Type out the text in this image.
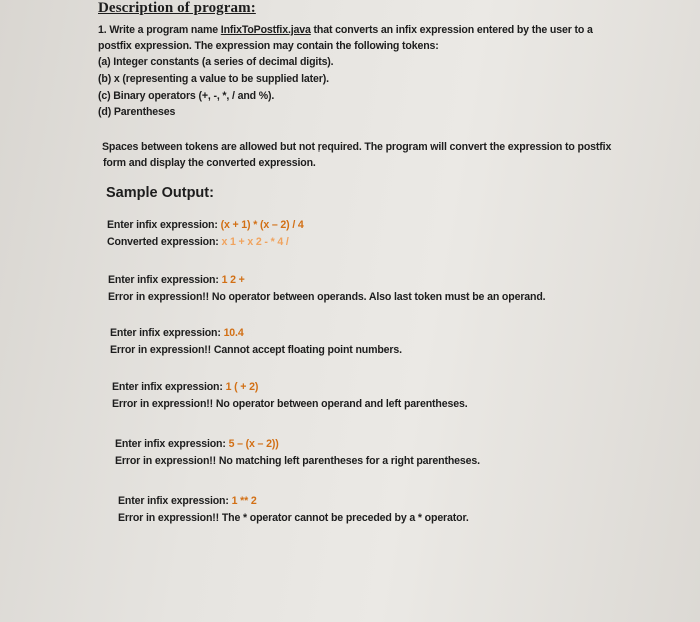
Description of program:
1. Write a program name InfixToPostfix.java that converts an infix expression entered by the user to a
postfix expression. The expression may contain the following tokens:
(a) Integer constants (a series of decimal digits).
(b) x (representing a value to be supplied later).
(c) Binary operators (+, -, *, / and %).
(d) Parentheses
Spaces between tokens are allowed but not required. The program will convert the expression to postfix
form and display the converted expression.
Sample Output:
Enter infix expression: (x + 1) * (x – 2) / 4
Converted expression: x 1 + x 2 - * 4 /
Enter infix expression: 1 2 +
Error in expression!! No operator between operands. Also last token must be an operand.
Enter infix expression: 10.4
Error in expression!! Cannot accept floating point numbers.
Enter infix expression: 1 ( + 2)
Error in expression!! No operator between operand and left parentheses.
Enter infix expression: 5 – (x – 2))
Error in expression!! No matching left parentheses for a right parentheses.
Enter infix expression: 1 ** 2
Error in expression!! The * operator cannot be preceded by a * operator.
